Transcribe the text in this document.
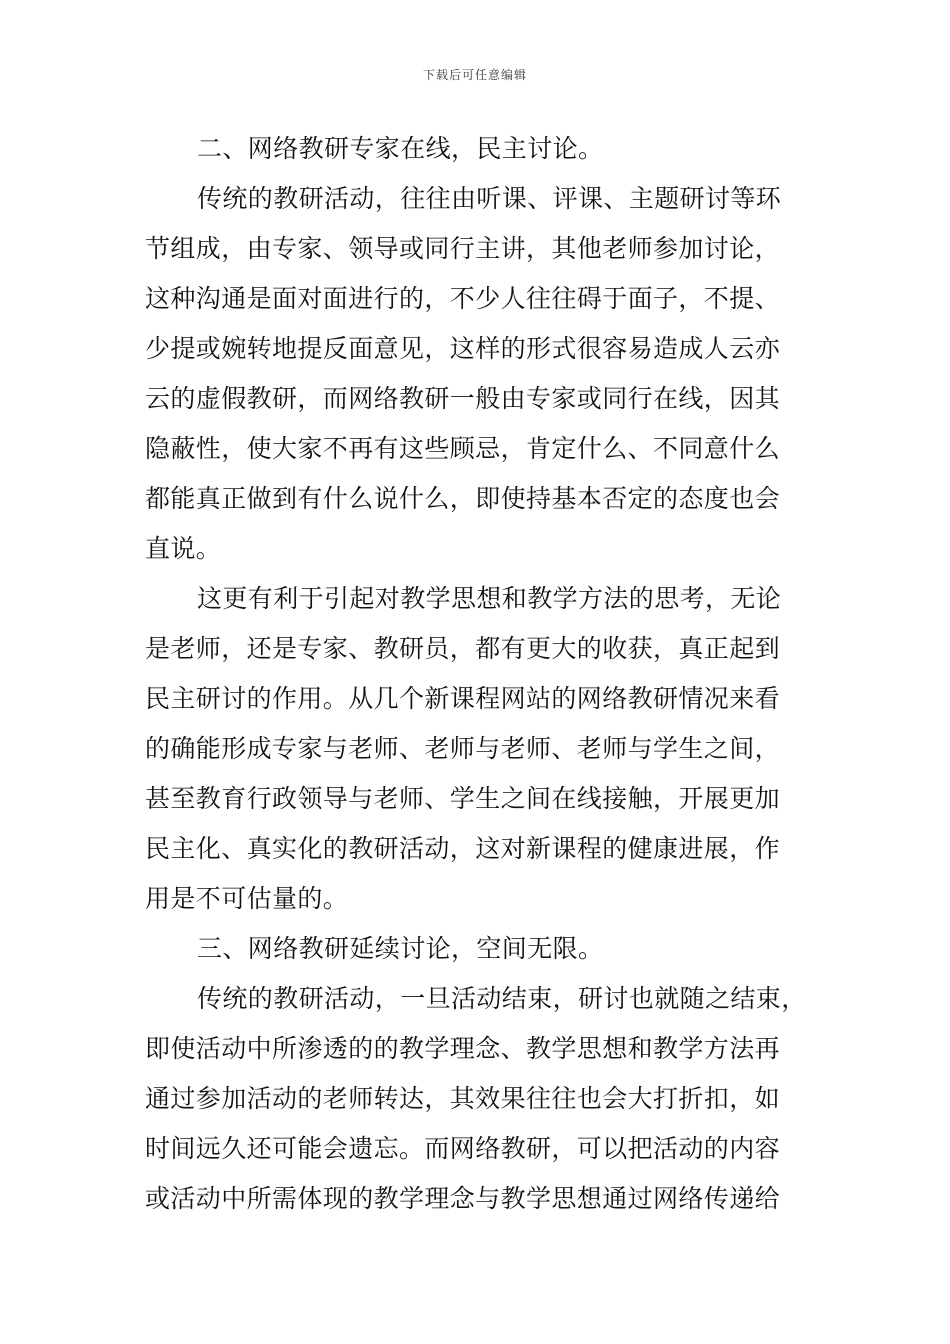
下载后可任意编辑
二、网络教研专家在线，民主讨论。
传统的教研活动，往往由听课、评课、主题研讨等环
节组成，由专家、领导或同行主讲，其他老师参加讨论，
这种沟通是面对面进行的，不少人往往碍于面子，不提、
少提或婉转地提反面意见，这样的形式很容易造成人云亦
云的虚假教研，而网络教研一般由专家或同行在线，因其
隐蔽性，使大家不再有这些顾忌，肯定什么、不同意什么
都能真正做到有什么说什么，即使持基本否定的态度也会
直说。
这更有利于引起对教学思想和教学方法的思考，无论
是老师，还是专家、教研员，都有更大的收获，真正起到
民主研讨的作用。从几个新课程网站的网络教研情况来看
的确能形成专家与老师、老师与老师、老师与学生之间，
甚至教育行政领导与老师、学生之间在线接触，开展更加
民主化、真实化的教研活动，这对新课程的健康进展，作
用是不可估量的。
三、网络教研延续讨论，空间无限。
传统的教研活动，一旦活动结束，研讨也就随之结束，
即使活动中所渗透的的教学理念、教学思想和教学方法再
通过参加活动的老师转达，其效果往往也会大打折扣，如
时间远久还可能会遗忘。而网络教研，可以把活动的内容
或活动中所需体现的教学理念与教学思想通过网络传递给
